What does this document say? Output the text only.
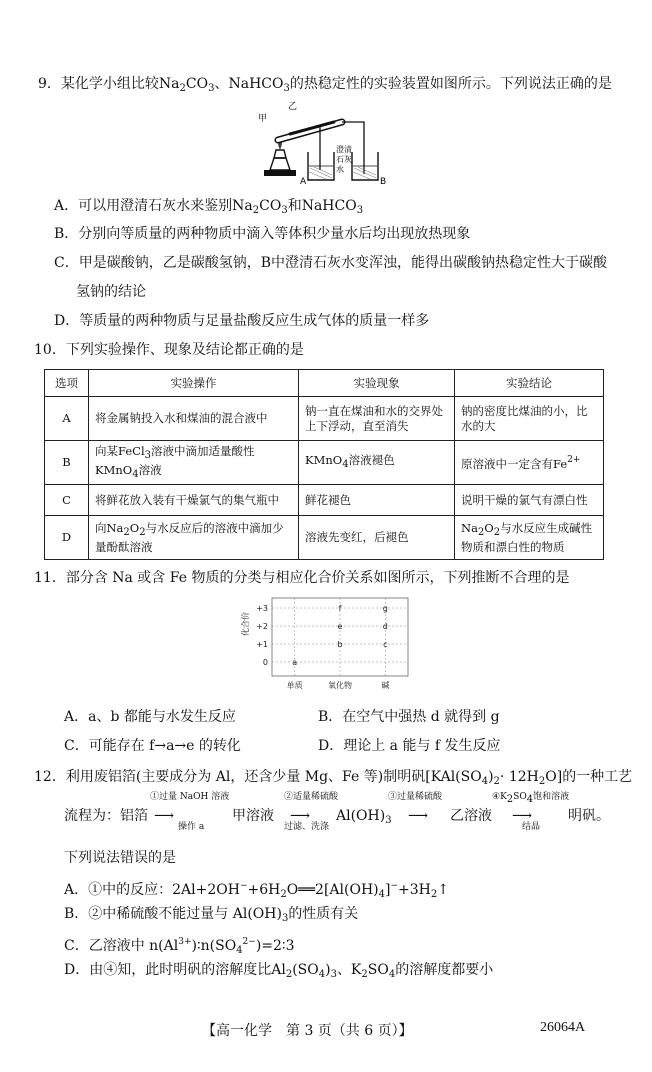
9．某化学小组比较$Na_2CO_3$、NaHCO$_3$的热稳定性的实验装置如图所示。下列说法正确的是
甲
乙
澄清
石灰
水
A	B
A．可以用澄清石灰水来鉴别$Na_2CO_3$和NaHCO$_3$
B．分别向等质量的两种物质中滴入等体积少量水后均出现放热现象
C．甲是碳酸钠，乙是碳酸氢钠，B中澄清石灰水变浑浊，能得出碳酸钠热稳定性大于碳酸
氢钠的结论
D．等质量的两种物质与足量盐酸反应生成气体的质量一样多
10．下列实验操作、现象及结论都正确的是
选项	实验操作	实验现象	实验结论
A	将金属钠投入水和煤油的混合液中	钠一直在煤油和水的交界处上下浮动，直至消失	钠的密度比煤油的小，比水的大
B	向某FeCl3溶液中滴加适量酸性
KMnO4溶液	KMnO4溶液褪色	原溶液中一定含有$Fe^{2+}$
C	将鲜花放入装有干燥氯气的集气瓶中	鲜花褪色	说明干燥的氯气有漂白性
D	向Na2O2与水反应后的溶液中滴加少量酚酞溶液	溶液先变红，后褪色	Na2O2与水反应生成碱性物质和漂白性的物质
11．部分含 Na 或含 Fe 物质的分类与相应化合价关系如图所示，下列推断不合理的是
化合价
+3
+2
+1
0
单质	氧化物	碱
a
b	c
d
e
f	g
A．a、b 都能与水发生反应	B．在空气中强热 d 就得到 g
C．可能存在 f→a→e 的转化	D．理论上 a 能与 f 发生反应
12．利用废铝箔(主要成分为 Al，还含少量 Mg、Fe 等)制明矾$[KAl(SO_4)_2\cdot 12H_2O]$的一种工艺
流程为：铝箔
①过量 NaOH 溶液
⟶
操作 a
甲溶液
②适量稀硫酸
⟶
过滤、洗涤
$Al(OH)_3$
③过量稀硫酸
⟶ 乙溶液
④K2SO4饱和溶液
⟶
结晶
明矾。
下列说法错误的是
A．①中的反应：$2Al+2OH^-+6H_2O══2[Al(OH)_4]^-+3H_2↑$
B．②中稀硫酸不能过量与 $Al(OH)_3$的性质有关
C．乙溶液中 $n(Al^{3+})∶n(SO_4^{2-})=2∶3$
D．由④知，此时明矾的溶解度比$Al_2(SO_4)_3$、$K_2SO_4$的溶解度都要小
【高一化学　第 3 页（共 6 页）】	26064A
